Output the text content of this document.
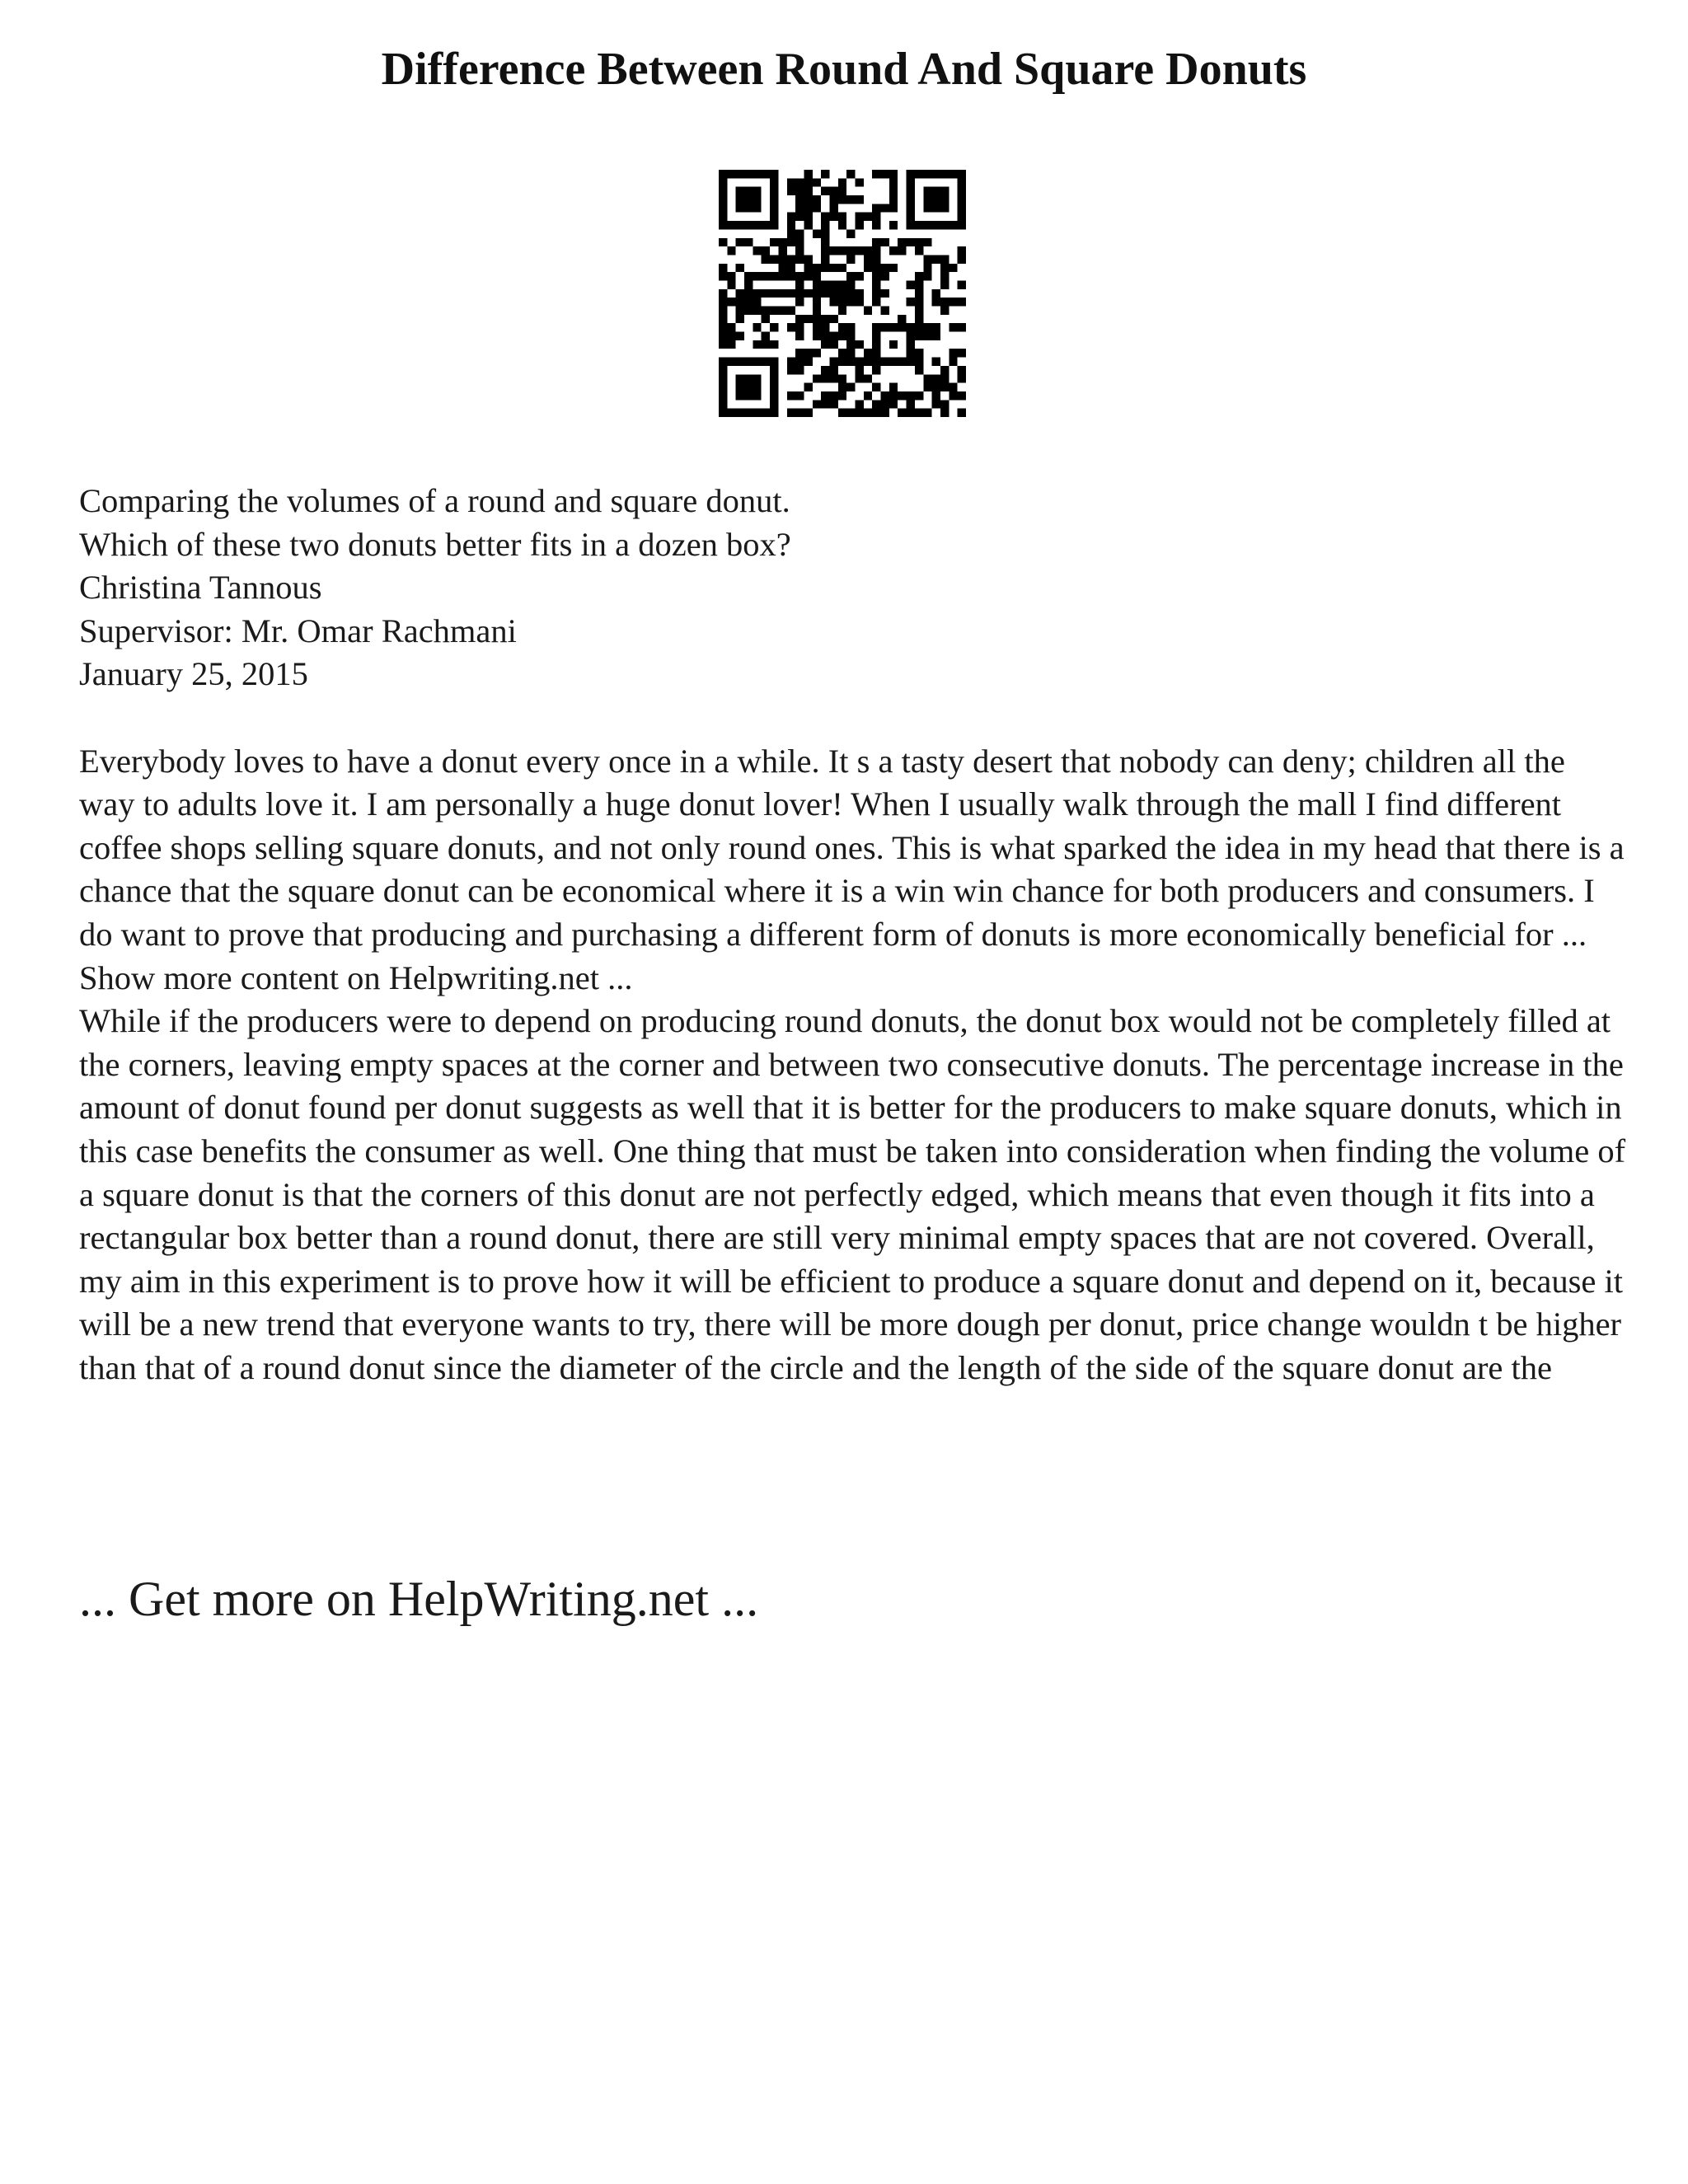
Difference Between Round And Square Donuts
Comparing the volumes of a round and square donut.
Which of these two donuts better fits in a dozen box?
Christina Tannous
Supervisor: Mr. Omar Rachmani
January 25, 2015

Everybody loves to have a donut every once in a while. It s a tasty desert that nobody can deny; children all the way to adults love it. I am personally a huge donut lover! When I usually walk through the mall I find different coffee shops selling square donuts, and not only round ones. This is what sparked the idea in my head that there is a chance that the square donut can be economical where it is a win win chance for both producers and consumers. I do want to prove that producing and purchasing a different form of donuts is more economically beneficial for ... Show more content on Helpwriting.net ...

While if the producers were to depend on producing round donuts, the donut box would not be completely filled at the corners, leaving empty spaces at the corner and between two consecutive donuts. The percentage increase in the amount of donut found per donut suggests as well that it is better for the producers to make square donuts, which in this case benefits the consumer as well. One thing that must be taken into consideration when finding the volume of a square donut is that the corners of this donut are not perfectly edged, which means that even though it fits into a rectangular box better than a round donut, there are still very minimal empty spaces that are not covered. Overall, my aim in this experiment is to prove how it will be efficient to produce a square donut and depend on it, because it will be a new trend that everyone wants to try, there will be more dough per donut, price change wouldn t be higher than that of a round donut since the diameter of the circle and the length of the side of the square donut are the

... Get more on HelpWriting.net ...
